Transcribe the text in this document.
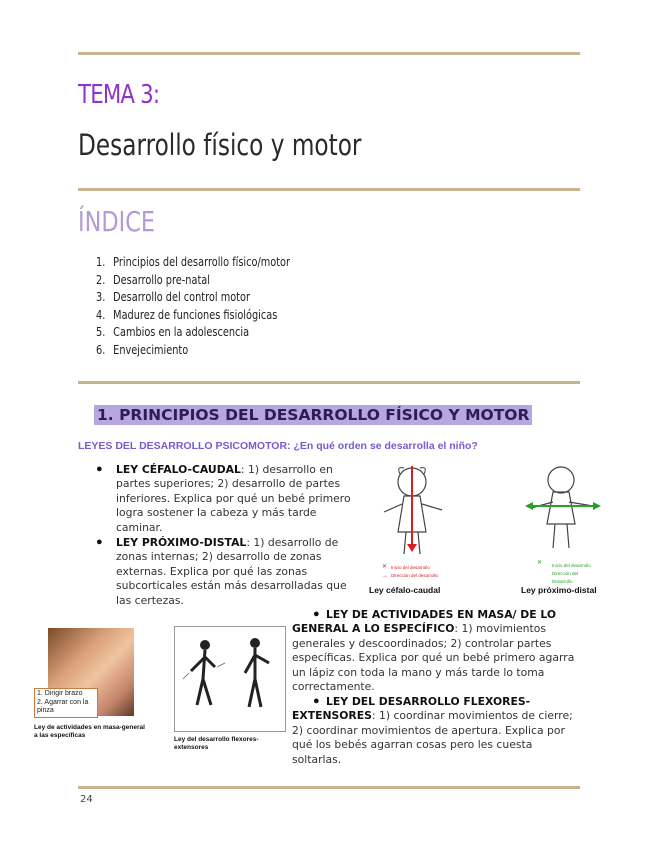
TEMA 3:
Desarrollo físico y motor
ÍNDICE
1. Principios del desarrollo físico/motor
2. Desarrollo pre-natal
3. Desarrollo del control motor
4. Madurez de funciones fisiológicas
5. Cambios en la adolescencia
6. Envejecimiento
1. PRINCIPIOS DEL DESARROLLO FÍSICO Y MOTOR
LEYES DEL DESARROLLO PSICOMOTOR: ¿En qué orden se desarrolla el niño?
● LEY CÉFALO-CAUDAL: 1) desarrollo en partes superiores; 2) desarrollo de partes inferiores. Explica por qué un bebé primero logra sostener la cabeza y más tarde caminar.
● LEY PRÓXIMO-DISTAL: 1) desarrollo de zonas internas; 2) desarrollo de zonas externas. Explica por qué las zonas subcorticales están más desarrolladas que las certezas.
✕
→
Inicio del desarrollo
Dirección del desarrollo
Ley céfalo-caudal
✕ Inicio del desarrollo
Dirección del Desarrollo
Ley próximo-distal
● LEY DE ACTIVIDADES EN MASA/ DE LO GENERAL A LO ESPECÍFICO: 1) movimientos generales y descoordinados; 2) controlar partes específicas. Explica por qué un bebé primero agarra un lápiz con toda la mano y más tarde lo toma correctamente.
● LEY DEL DESARROLLO FLEXORES-EXTENSORES: 1) coordinar movimientos de cierre; 2) coordinar movimientos de apertura. Explica por qué los bebés agarran cosas pero les cuesta soltarlas.
1. Dirigir brazo
2. Agarrar con la pinza
Ley de actividades en masa-general a las específicas
Ley del desarrollo flexores-extensores
24
